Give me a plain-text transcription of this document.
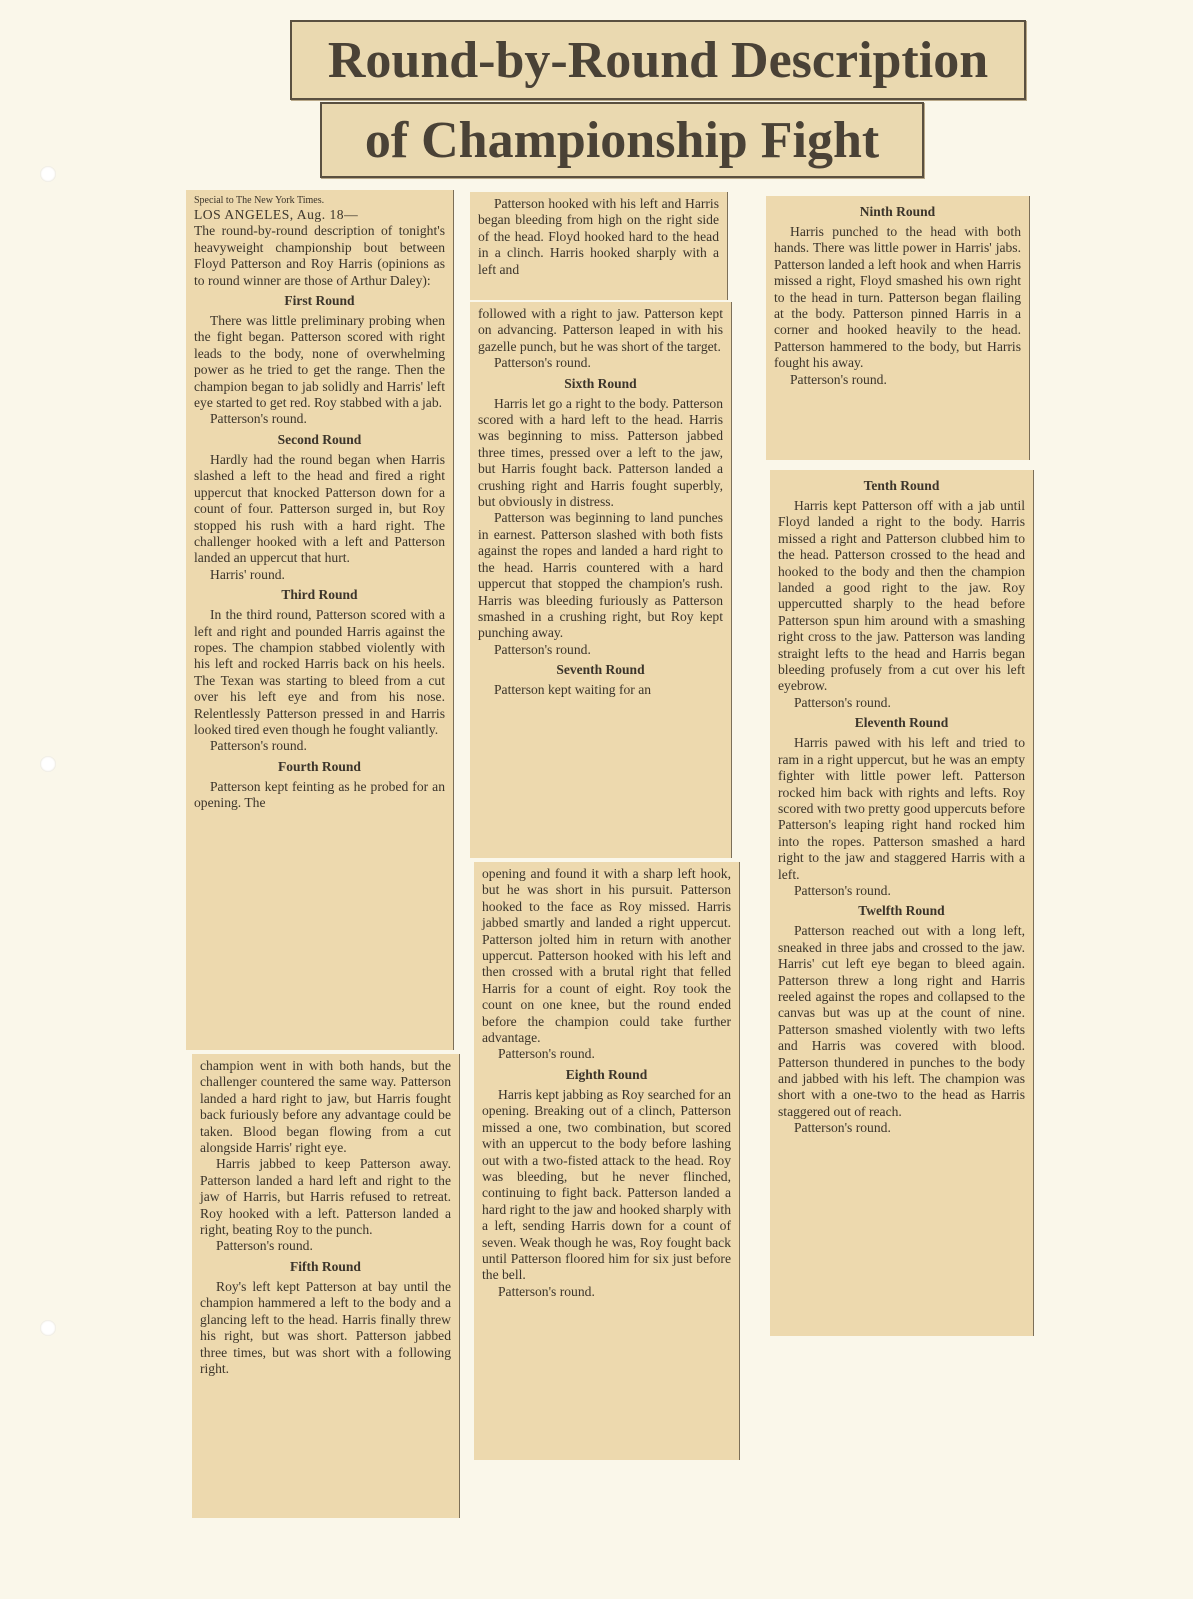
Round-by-Round Description
of Championship Fight

Special to The New York Times.

LOS ANGELES, Aug. 18—

The round-by-round description of tonight's heavyweight championship bout between Floyd Patterson and Roy Harris (opinions as to round winner are those of Arthur Daley):

First Round

There was little preliminary probing when the fight began. Patterson scored with right leads to the body, none of overwhelming power as he tried to get the range. Then the champion began to jab solidly and Harris' left eye started to get red. Roy stabbed with a jab.

Patterson's round.

Second Round

Hardly had the round began when Harris slashed a left to the head and fired a right uppercut that knocked Patterson down for a count of four. Patterson surged in, but Roy stopped his rush with a hard right. The challenger hooked with a left and Patterson landed an uppercut that hurt.

Harris' round.

Third Round

In the third round, Patterson scored with a left and right and pounded Harris against the ropes. The champion stabbed violently with his left and rocked Harris back on his heels. The Texan was starting to bleed from a cut over his left eye and from his nose. Relentlessly Patterson pressed in and Harris looked tired even though he fought valiantly.

Patterson's round.

Fourth Round

Patterson kept feinting as he probed for an opening. The

champion went in with both hands, but the challenger countered the same way. Patterson landed a hard right to jaw, but Harris fought back furiously before any advantage could be taken. Blood began flowing from a cut alongside Harris' right eye.

Harris jabbed to keep Patterson away. Patterson landed a hard left and right to the jaw of Harris, but Harris refused to retreat. Roy hooked with a left. Patterson landed a right, beating Roy to the punch.

Patterson's round.

Fifth Round

Roy's left kept Patterson at bay until the champion hammered a left to the body and a glancing left to the head. Harris finally threw his right, but was short. Patterson jabbed three times, but was short with a following right.

Patterson hooked with his left and Harris began bleeding from high on the right side of the head. Floyd hooked hard to the head in a clinch. Harris hooked sharply with a left and

followed with a right to jaw. Patterson kept on advancing. Patterson leaped in with his gazelle punch, but he was short of the target.

Patterson's round.

Sixth Round

Harris let go a right to the body. Patterson scored with a hard left to the head. Harris was beginning to miss. Patterson jabbed three times, pressed over a left to the jaw, but Harris fought back. Patterson landed a crushing right and Harris fought superbly, but obviously in distress.

Patterson was beginning to land punches in earnest. Patterson slashed with both fists against the ropes and landed a hard right to the head. Harris countered with a hard uppercut that stopped the champion's rush. Harris was bleeding furiously as Patterson smashed in a crushing right, but Roy kept punching away.

Patterson's round.

Seventh Round

Patterson kept waiting for an

opening and found it with a sharp left hook, but he was short in his pursuit. Patterson hooked to the face as Roy missed. Harris jabbed smartly and landed a right uppercut. Patterson jolted him in return with another uppercut. Patterson hooked with his left and then crossed with a brutal right that felled Harris for a count of eight. Roy took the count on one knee, but the round ended before the champion could take further advantage.

Patterson's round.

Eighth Round

Harris kept jabbing as Roy searched for an opening. Breaking out of a clinch, Patterson missed a one, two combination, but scored with an uppercut to the body before lashing out with a two-fisted attack to the head. Roy was bleeding, but he never flinched, continuing to fight back. Patterson landed a hard right to the jaw and hooked sharply with a left, sending Harris down for a count of seven. Weak though he was, Roy fought back until Patterson floored him for six just before the bell.

Patterson's round.

Ninth Round

Harris punched to the head with both hands. There was little power in Harris' jabs. Patterson landed a left hook and when Harris missed a right, Floyd smashed his own right to the head in turn. Patterson began flailing at the body. Patterson pinned Harris in a corner and hooked heavily to the head. Patterson hammered to the body, but Harris fought his away.

Patterson's round.

Tenth Round

Harris kept Patterson off with a jab until Floyd landed a right to the body. Harris missed a right and Patterson clubbed him to the head. Patterson crossed to the head and hooked to the body and then the champion landed a good right to the jaw. Roy uppercutted sharply to the head before Patterson spun him around with a smashing right cross to the jaw. Patterson was landing straight lefts to the head and Harris began bleeding profusely from a cut over his left eyebrow.

Patterson's round.

Eleventh Round

Harris pawed with his left and tried to ram in a right uppercut, but he was an empty fighter with little power left. Patterson rocked him back with rights and lefts. Roy scored with two pretty good uppercuts before Patterson's leaping right hand rocked him into the ropes. Patterson smashed a hard right to the jaw and staggered Harris with a left.

Patterson's round.

Twelfth Round

Patterson reached out with a long left, sneaked in three jabs and crossed to the jaw. Harris' cut left eye began to bleed again. Patterson threw a long right and Harris reeled against the ropes and collapsed to the canvas but was up at the count of nine. Patterson smashed violently with two lefts and Harris was covered with blood. Patterson thundered in punches to the body and jabbed with his left. The champion was short with a one-two to the head as Harris staggered out of reach.

Patterson's round.
